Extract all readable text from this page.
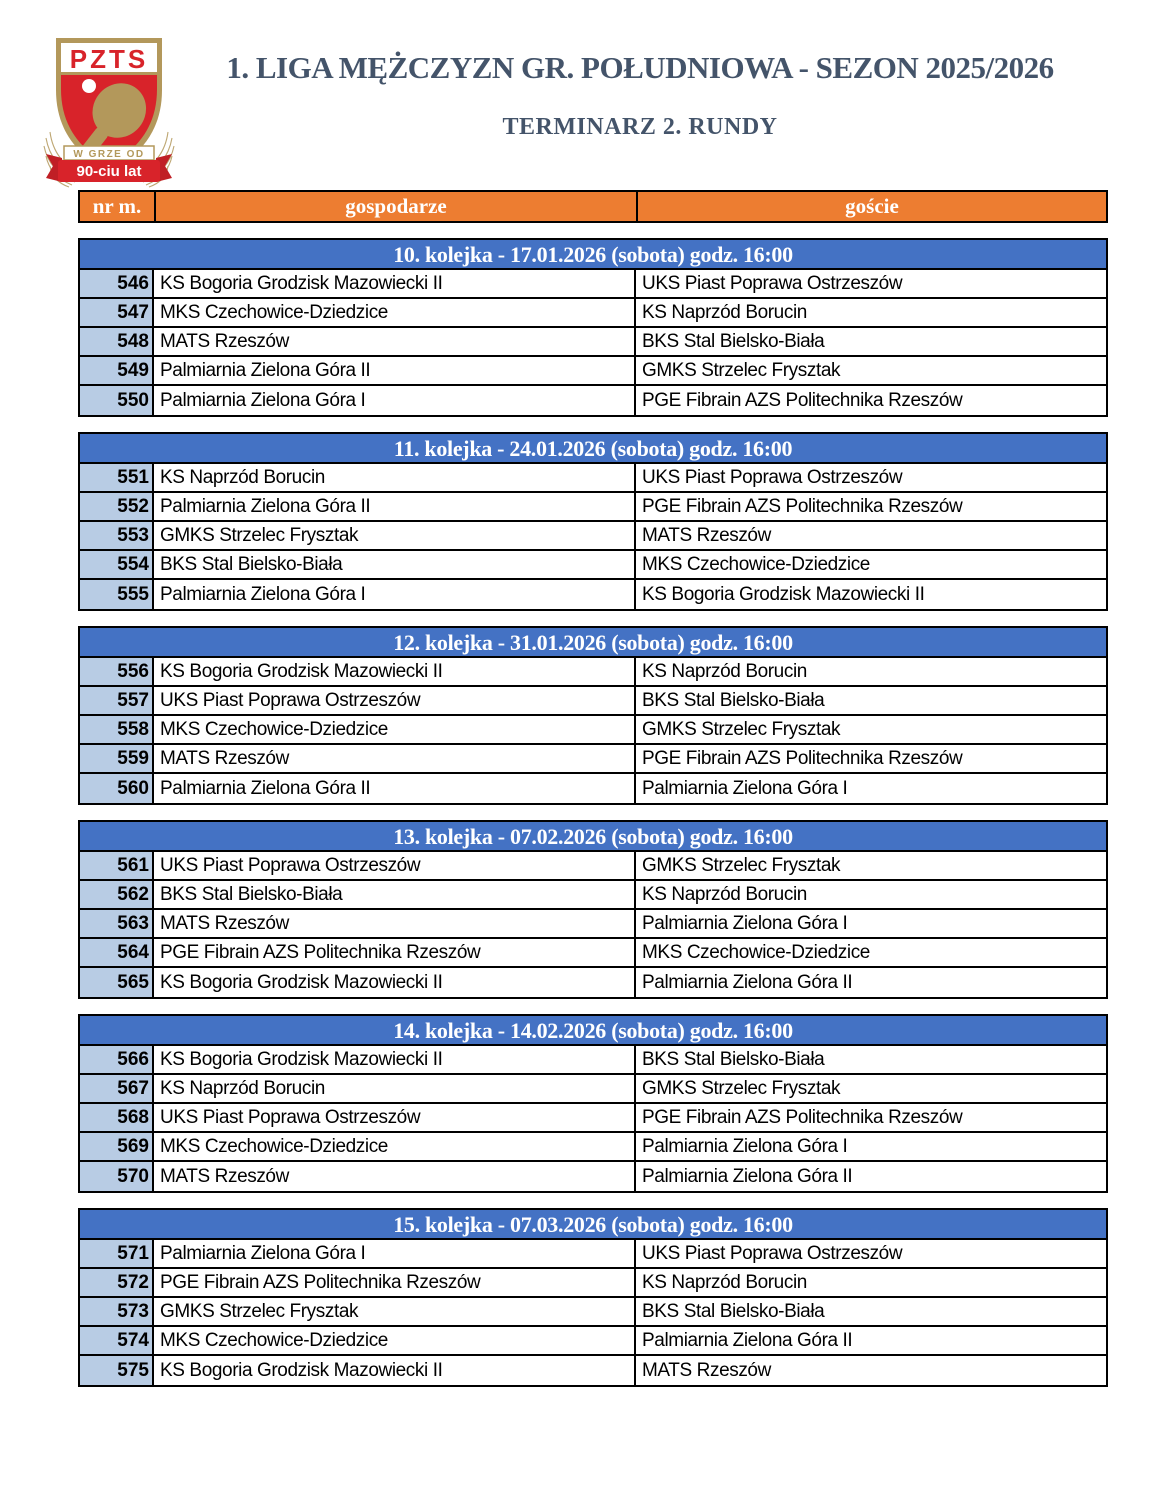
PZTS
W GRZE OD
90-ciu lat
1. LIGA MĘŻCZYZN GR. POŁUDNIOWA - SEZON 2025/2026
TERMINARZ 2. RUNDY
nr m.	gospodarze	goście
10. kolejka - 17.01.2026 (sobota) godz. 16:00
546 KS Bogoria Grodzisk Mazowiecki II	UKS Piast Poprawa Ostrzeszów
547 MKS Czechowice-Dziedzice	KS Naprzód Borucin
548 MATS Rzeszów	BKS Stal Bielsko-Biała
549 Palmiarnia Zielona Góra II	GMKS Strzelec Frysztak
550 Palmiarnia Zielona Góra I	PGE Fibrain AZS Politechnika Rzeszów
11. kolejka - 24.01.2026 (sobota) godz. 16:00
551 KS Naprzód Borucin	UKS Piast Poprawa Ostrzeszów
552 Palmiarnia Zielona Góra II	PGE Fibrain AZS Politechnika Rzeszów
553 GMKS Strzelec Frysztak	MATS Rzeszów
554 BKS Stal Bielsko-Biała	MKS Czechowice-Dziedzice
555 Palmiarnia Zielona Góra I	KS Bogoria Grodzisk Mazowiecki II
12. kolejka - 31.01.2026 (sobota) godz. 16:00
556 KS Bogoria Grodzisk Mazowiecki II	KS Naprzód Borucin
557 UKS Piast Poprawa Ostrzeszów	BKS Stal Bielsko-Biała
558 MKS Czechowice-Dziedzice	GMKS Strzelec Frysztak
559 MATS Rzeszów	PGE Fibrain AZS Politechnika Rzeszów
560 Palmiarnia Zielona Góra II	Palmiarnia Zielona Góra I
13. kolejka - 07.02.2026 (sobota) godz. 16:00
561 UKS Piast Poprawa Ostrzeszów	GMKS Strzelec Frysztak
562 BKS Stal Bielsko-Biała	KS Naprzód Borucin
563 MATS Rzeszów	Palmiarnia Zielona Góra I
564 PGE Fibrain AZS Politechnika Rzeszów	MKS Czechowice-Dziedzice
565 KS Bogoria Grodzisk Mazowiecki II	Palmiarnia Zielona Góra II
14. kolejka - 14.02.2026 (sobota) godz. 16:00
566 KS Bogoria Grodzisk Mazowiecki II	BKS Stal Bielsko-Biała
567 KS Naprzód Borucin	GMKS Strzelec Frysztak
568 UKS Piast Poprawa Ostrzeszów	PGE Fibrain AZS Politechnika Rzeszów
569 MKS Czechowice-Dziedzice	Palmiarnia Zielona Góra I
570 MATS Rzeszów	Palmiarnia Zielona Góra II
15. kolejka - 07.03.2026 (sobota) godz. 16:00
571 Palmiarnia Zielona Góra I	UKS Piast Poprawa Ostrzeszów
572 PGE Fibrain AZS Politechnika Rzeszów	KS Naprzód Borucin
573 GMKS Strzelec Frysztak	BKS Stal Bielsko-Biała
574 MKS Czechowice-Dziedzice	Palmiarnia Zielona Góra II
575 KS Bogoria Grodzisk Mazowiecki II	MATS Rzeszów
